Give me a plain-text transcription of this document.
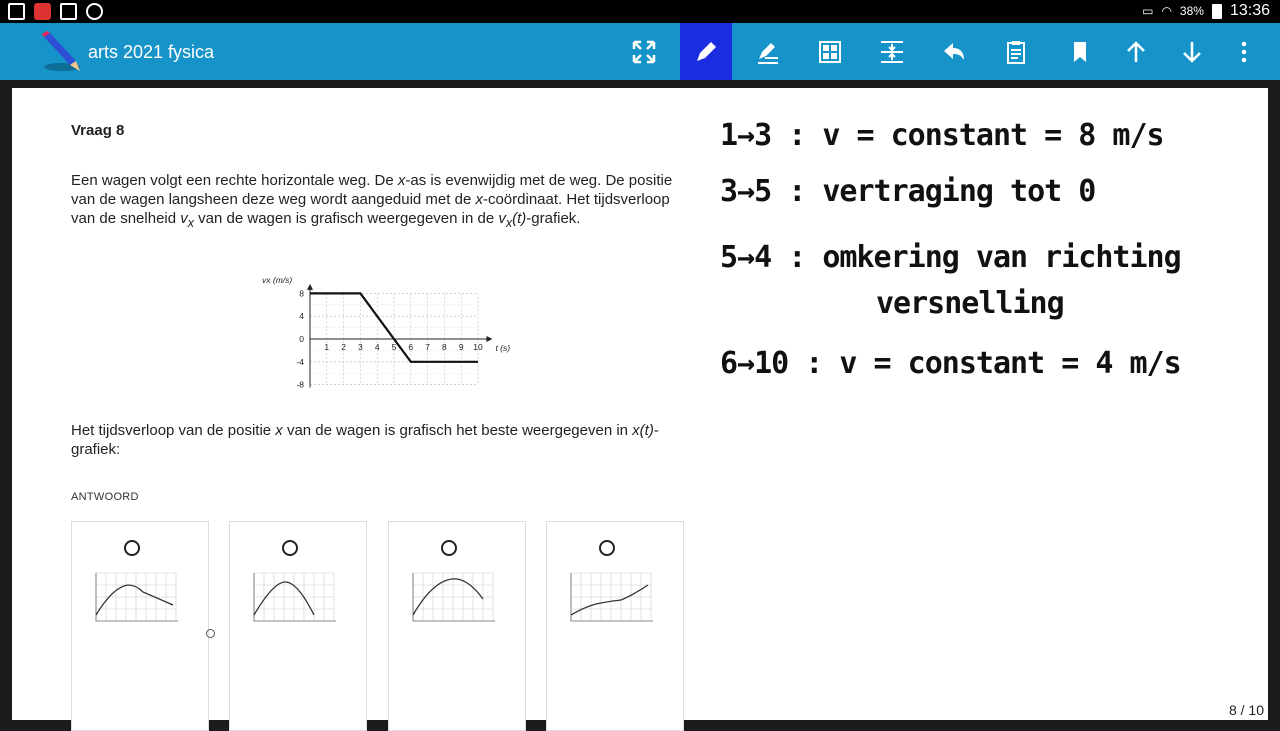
▭ ◠ 38% 13:36
arts 2021 fysica
Vraag 8
Een wagen volgt een rechte horizontale weg. De x-as is evenwijdig met de weg. De positie van de wagen langsheen deze weg wordt aangeduid met de x-coördinaat. Het tijdsverloop van de snelheid $v_x$ van de wagen is grafisch weergegeven in de $v_x(t)$-grafiek.
1 2 3 4 5 6 7 8 9 10
8
4
0
-4
-8
vx (m/s)
t (s)
Het tijdsverloop van de positie x van de wagen is grafisch het beste weergegeven in x(t)-grafiek:
ANTWOORD
1→3 : v = constant = 8 m/s
3→5 : vertraging tot 0
5→4 : omkering van richting
versnelling
6→10 : v = constant = 4 m/s
8 / 10
